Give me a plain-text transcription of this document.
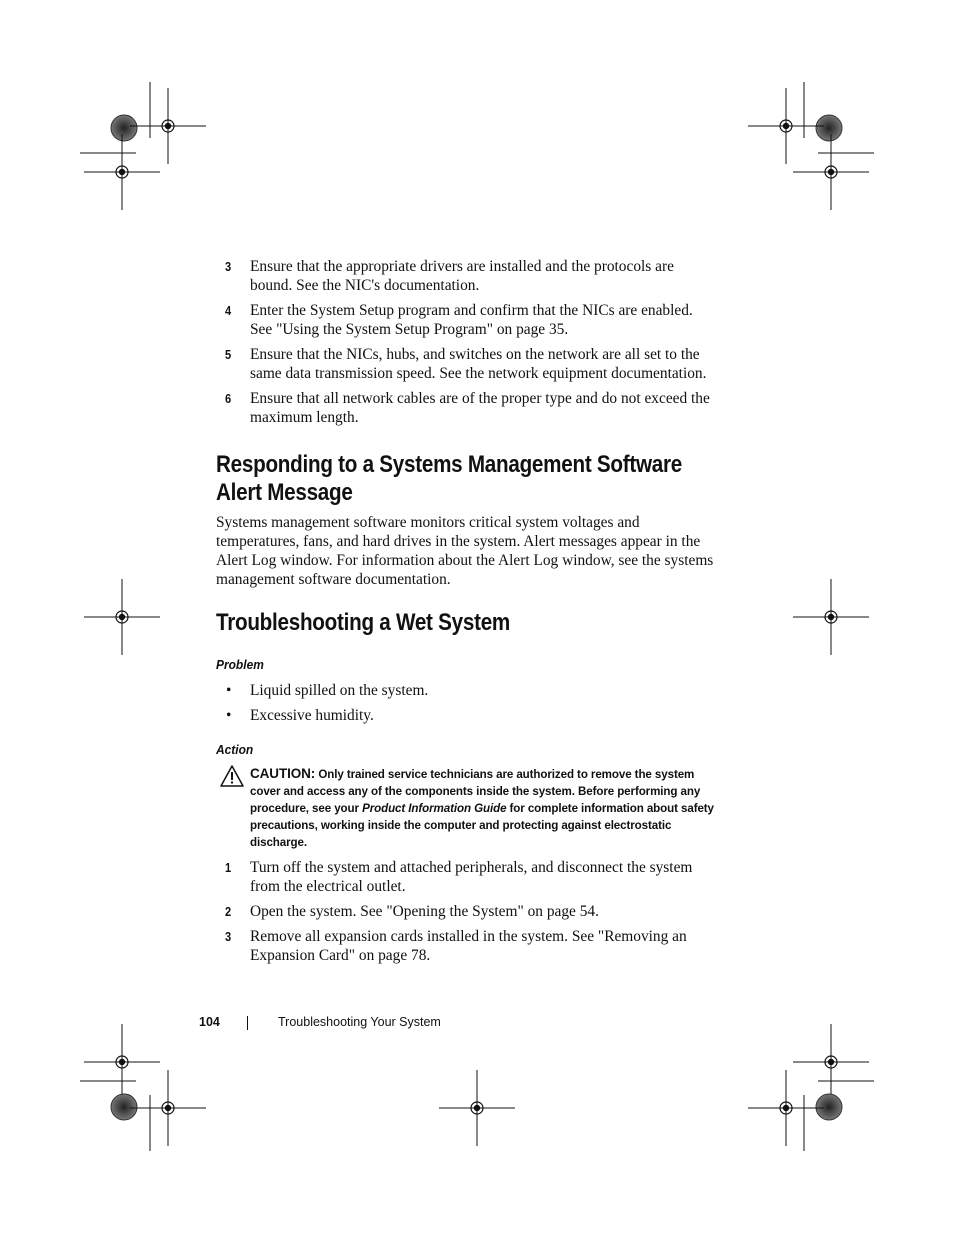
3 Ensure that the appropriate drivers are installed and the protocols are bound. See the NIC's documentation.
4 Enter the System Setup program and confirm that the NICs are enabled. See "Using the System Setup Program" on page 35.
5 Ensure that the NICs, hubs, and switches on the network are all set to the same data transmission speed. See the network equipment documentation.
6 Ensure that all network cables are of the proper type and do not exceed the maximum length.
Responding to a Systems Management Software
Alert Message

Systems management software monitors critical system voltages and temperatures, fans, and hard drives in the system. Alert messages appear in the Alert Log window. For information about the Alert Log window, see the systems management software documentation.

Troubleshooting a Wet System
Problem
• Liquid spilled on the system.
• Excessive humidity.
Action
CAUTION: Only trained service technicians are authorized to remove the system cover and access any of the components inside the system. Before performing any procedure, see your Product Information Guide for complete information about safety precautions, working inside the computer and protecting against electrostatic discharge.
1 Turn off the system and attached peripherals, and disconnect the system from the electrical outlet.
2 Open the system. See "Opening the System" on page 54.
3 Remove all expansion cards installed in the system. See "Removing an Expansion Card" on page 78.
104	Troubleshooting Your System
